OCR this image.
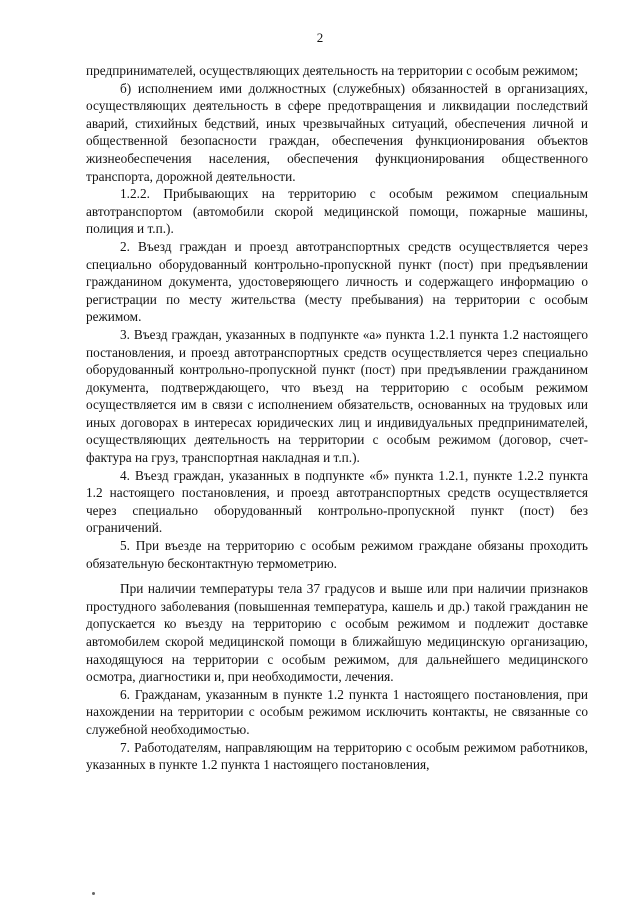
2

предпринимателей, осуществляющих деятельность на территории с особым режимом;

б) исполнением ими должностных (служебных) обязанностей в организациях, осуществляющих деятельность в сфере предотвращения и ликвидации последствий аварий, стихийных бедствий, иных чрезвычайных ситуаций, обеспечения личной и общественной безопасности граждан, обеспечения функционирования объектов жизнеобеспечения населения, обеспечения функционирования общественного транспорта, дорожной деятельности.

1.2.2. Прибывающих на территорию с особым режимом специальным автотранспортом (автомобили скорой медицинской помощи, пожарные машины, полиция и т.п.).

2. Въезд граждан и проезд автотранспортных средств осуществляется через специально оборудованный контрольно-пропускной пункт (пост) при предъявлении гражданином документа, удостоверяющего личность и содержащего информацию о регистрации по месту жительства (месту пребывания) на территории с особым режимом.

3. Въезд граждан, указанных в подпункте «а» пункта 1.2.1 пункта 1.2 настоящего постановления, и проезд автотранспортных средств осуществляется через специально оборудованный контрольно-пропускной пункт (пост) при предъявлении гражданином документа, подтверждающего, что въезд на территорию с особым режимом осуществляется им в связи с исполнением обязательств, основанных на трудовых или иных договорах в интересах юридических лиц и индивидуальных предпринимателей, осуществляющих деятельность на территории с особым режимом (договор, счет-фактура на груз, транспортная накладная и т.п.).

4. Въезд граждан, указанных в подпункте «б» пункта 1.2.1, пункте 1.2.2 пункта 1.2 настоящего постановления, и проезд автотранспортных средств осуществляется через специально оборудованный контрольно-пропускной пункт (пост) без ограничений.

5. При въезде на территорию с особым режимом граждане обязаны проходить обязательную бесконтактную термометрию.

При наличии температуры тела 37 градусов и выше или при наличии признаков простудного заболевания (повышенная температура, кашель и др.) такой гражданин не допускается ко въезду на территорию с особым режимом и подлежит доставке автомобилем скорой медицинской помощи в ближайшую медицинскую организацию, находящуюся на территории с особым режимом, для дальнейшего медицинского осмотра, диагностики и, при необходимости, лечения.

6. Гражданам, указанным в пункте 1.2 пункта 1 настоящего постановления, при нахождении на территории с особым режимом исключить контакты, не связанные со служебной необходимостью.

7. Работодателям, направляющим на территорию с особым режимом работников, указанных в пункте 1.2 пункта 1 настоящего постановления,
